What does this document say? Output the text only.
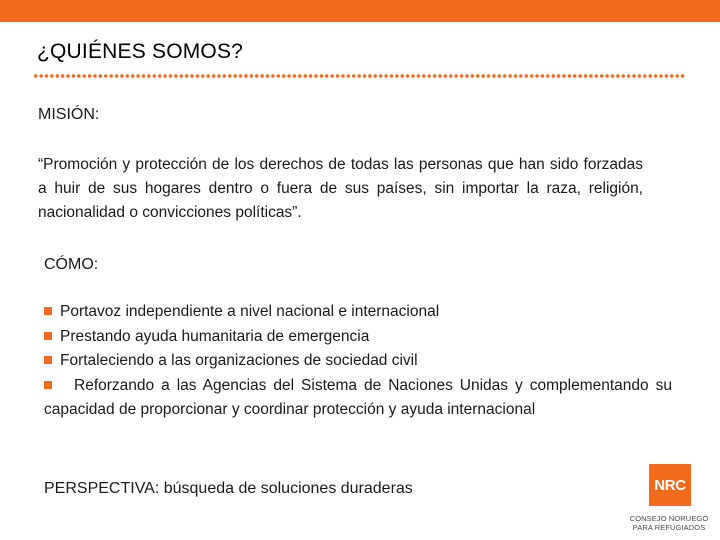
¿QUIÉNES SOMOS?

MISIÓN:

“Promoción y protección de los derechos de todas las personas que han sido forzadas a huir de sus hogares dentro o fuera de sus países, sin importar la raza, religión, nacionalidad o convicciones políticas”.

CÓMO:

Portavoz independiente a nivel nacional e internacional
Prestando ayuda humanitaria de emergencia
Fortaleciendo a las organizaciones de sociedad civil
Reforzando a las Agencias del Sistema de Naciones Unidas y complementando su capacidad de proporcionar y coordinar protección y ayuda internacional

PERSPECTIVA: búsqueda de soluciones duraderas	NRC
CONSEJO NORUEGO
PARA REFUGIADOS
